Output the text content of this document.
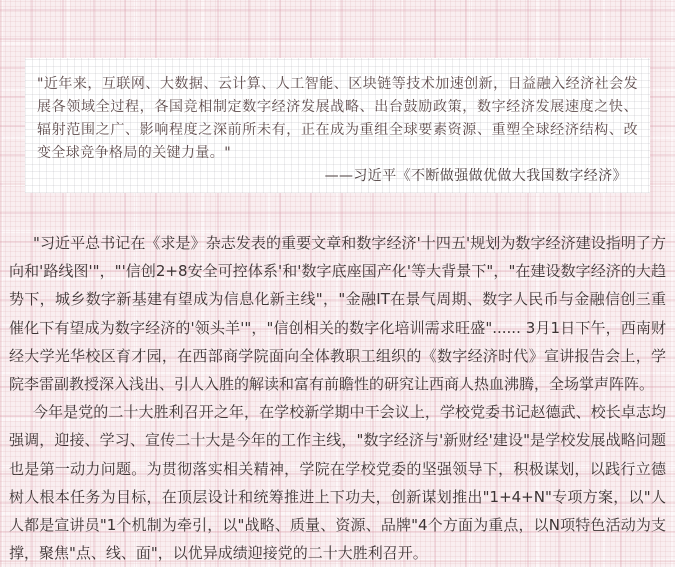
"近年来，互联网、大数据、云计算、人工智能、区块链等技术加速创新，日益融入经济社会发展各领域全过程，各国竞相制定数字经济发展战略、出台鼓励政策，数字经济发展速度之快、辐射范围之广、影响程度之深前所未有，正在成为重组全球要素资源、重塑全球经济结构、改变全球竞争格局的关键力量。"
——习近平《不断做强做优做大我国数字经济》

"习近平总书记在《求是》杂志发表的重要文章和数字经济'十四五'规划为数字经济建设指明了方向和'路线图'"，"'信创2+8安全可控体系'和'数字底座国产化'等大背景下"，"在建设数字经济的大趋势下，城乡数字新基建有望成为信息化新主线"，"金融IT在景气周期、数字人民币与金融信创三重催化下有望成为数字经济的'领头羊'"，"信创相关的数字化培训需求旺盛"...... 3月1日下午，西南财经大学光华校区育才园，在西部商学院面向全体教职工组织的《数字经济时代》宣讲报告会上，学院李雷副教授深入浅出、引人入胜的解读和富有前瞻性的研究让西商人热血沸腾，全场掌声阵阵。

今年是党的二十大胜利召开之年，在学校新学期中干会议上，学校党委书记赵德武、校长卓志均强调，迎接、学习、宣传二十大是今年的工作主线，"数字经济与'新财经'建设"是学校发展战略问题也是第一动力问题。为贯彻落实相关精神，学院在学校党委的坚强领导下，积极谋划，以践行立德树人根本任务为目标，在顶层设计和统筹推进上下功夫，创新谋划推出"1+4+N"专项方案，以"人人都是宣讲员"1个机制为牵引，以"战略、质量、资源、品牌"4个方面为重点，以N项特色活动为支撑，聚焦"点、线、面"，以优异成绩迎接党的二十大胜利召开。
